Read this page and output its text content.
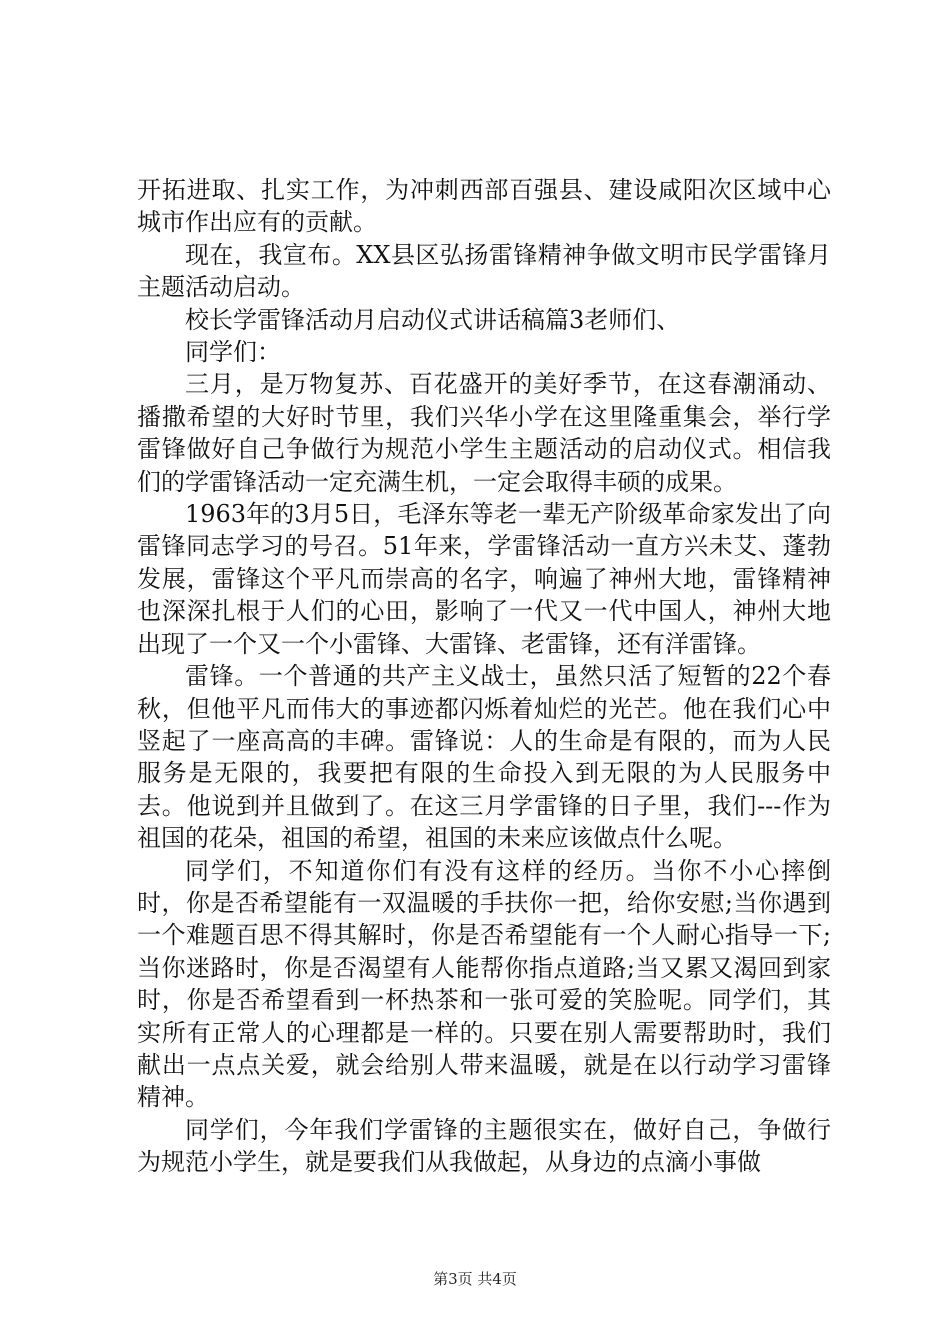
开拓进取、扎实工作，为冲刺西部百强县、建设咸阳次区域中心城市作出应有的贡献。

现在，我宣布。XX县区弘扬雷锋精神争做文明市民学雷锋月主题活动启动。

校长学雷锋活动月启动仪式讲话稿篇3老师们、

同学们：

三月，是万物复苏、百花盛开的美好季节，在这春潮涌动、播撒希望的大好时节里，我们兴华小学在这里隆重集会，举行学雷锋做好自己争做行为规范小学生主题活动的启动仪式。相信我们的学雷锋活动一定充满生机，一定会取得丰硕的成果。

1963年的3月5日，毛泽东等老一辈无产阶级革命家发出了向雷锋同志学习的号召。51年来，学雷锋活动一直方兴未艾、蓬勃发展，雷锋这个平凡而崇高的名字，响遍了神州大地，雷锋精神也深深扎根于人们的心田，影响了一代又一代中国人，神州大地出现了一个又一个小雷锋、大雷锋、老雷锋，还有洋雷锋。

雷锋。一个普通的共产主义战士，虽然只活了短暂的22个春秋，但他平凡而伟大的事迹都闪烁着灿烂的光芒。他在我们心中竖起了一座高高的丰碑。雷锋说：人的生命是有限的，而为人民服务是无限的，我要把有限的生命投入到无限的为人民服务中去。他说到并且做到了。在这三月学雷锋的日子里，我们---作为祖国的花朵，祖国的希望，祖国的未来应该做点什么呢。

同学们，不知道你们有没有这样的经历。当你不小心摔倒时，你是否希望能有一双温暖的手扶你一把，给你安慰;当你遇到一个难题百思不得其解时，你是否希望能有一个人耐心指导一下;当你迷路时，你是否渴望有人能帮你指点道路;当又累又渴回到家时，你是否希望看到一杯热茶和一张可爱的笑脸呢。同学们，其实所有正常人的心理都是一样的。只要在别人需要帮助时，我们献出一点点关爱，就会给别人带来温暖，就是在以行动学习雷锋精神。

同学们，今年我们学雷锋的主题很实在，做好自己，争做行为规范小学生，就是要我们从我做起，从身边的点滴小事做

第3页 共4页
